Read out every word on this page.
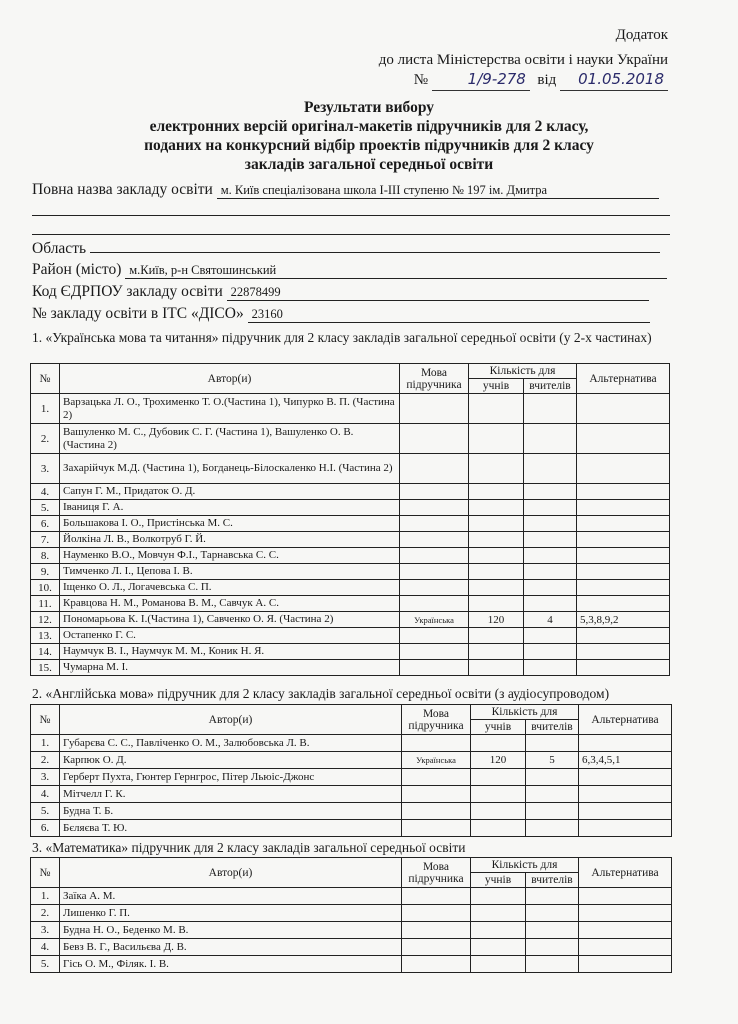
Додаток
до листа Міністерства освіти і науки України
№	1/9-278 від 01.05.2018
Результати вибору
електронних версій оригінал-макетів підручників для 2 класу,
поданих на конкурсний відбір проектів підручників для 2 класу
закладів загальної середньої освіти
Повна назва закладу освіти м. Київ спеціалізована школа І-ІІІ ступеню № 197 ім. Дмитра
Область
Район (місто) м.Київ, р-н Святошинський
Код ЄДРПОУ закладу освіти 22878499
№ закладу освіти в ІТС «ДІСО» 23160
1. «Українська мова та читання» підручник для 2 класу закладів загальної середньої освіти (у 2-х частинах)
№	Автор(и)	Мова підручника	Кількість для		Альтернатива
			учнів	вчителів	
1.	Варзацька Л. О., Трохименко Т. О.(Частина 1), Чипурко В. П. (Частина 2)				
2.	Вашуленко М. С., Дубовик С. Г. (Частина 1), Вашуленко О. В. (Частина 2)				
3.	Захарійчук М.Д. (Частина 1), Богданець-Білоскаленко Н.І. (Частина 2)				
4.	Сапун Г. М., Придаток О. Д.				
5.	Іваниця Г. А.				
6.	Большакова І. О., Пристінська М. С.				
7.	Йолкіна Л. В., Волкотруб Г. Й.				
8.	Науменко В.О., Мовчун Ф.І., Тарнавська С. С.				
9.	Тимченко Л. І., Цепова І. В.				
10.	Іщенко О. Л., Логачевська С. П.				
11.	Кравцова Н. М., Романова В. М., Савчук А. С.				
12.	Пономарьова К. І.(Частина 1), Савченко О. Я. (Частина 2)	Українська	120	4	5,3,8,9,2
13.	Остапенко Г. С.				
14.	Наумчук В. І., Наумчук М. М., Коник Н. Я.				
15.	Чумарна М. І.				
2. «Англійська мова» підручник для 2 класу закладів загальної середньої освіти (з аудіосупроводом)
№	Автор(и)	Мова підручника	Кількість для		Альтернатива
			учнів	вчителів	
1.	Губарєва С. С., Павліченко О. М., Залюбовська Л. В.				
2.	Карпюк О. Д.	Українська	120	5	6,3,4,5,1
3.	Герберт Пухта, Гюнтер Гернгрос, Пітер Льюіс-Джонс				
4.	Мітчелл Г. К.				
5.	Будна Т. Б.				
6.	Бєляєва Т. Ю.				
3. «Математика» підручник для 2 класу закладів загальної середньої освіти
№	Автор(и)	Мова підручника	Кількість для		Альтернатива
			учнів	вчителів	
1.	Заїка А. М.				
2.	Лишенко Г. П.				
3.	Будна Н. О., Беденко М. В.				
4.	Бевз В. Г., Васильєва Д. В.				
5.	Гісь О. М., Філяк. І. В.				
